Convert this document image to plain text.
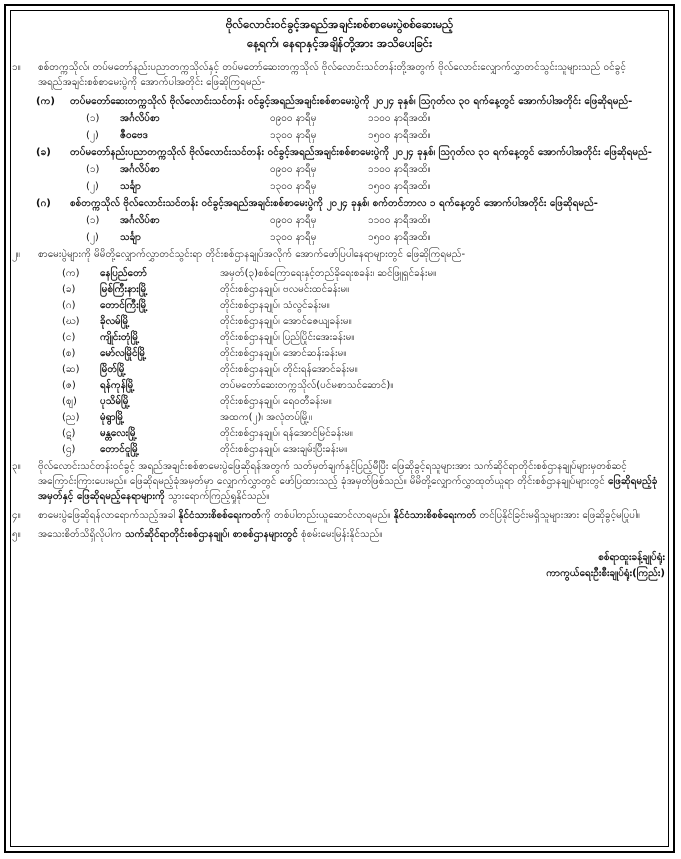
ဗိုလ်လောင်းဝင်ခွင့်အရည်အချင်းစစ်စာမေးပွဲစစ်ဆေးမည့်
နေ့ရက်၊ နေရာနှင့်အချိန်တို့အား အသိပေးခြင်း
၁။	စစ်တက္ကသိုလ်၊ တပ်မတော်နည်းပညာတက္ကသိုလ်နှင့် တပ်မတော်ဆေးတက္ကသိုလ် ဗိုလ်လောင်းသင်တန်းတို့အတွက် ဗိုလ်လောင်းလျှောက်လွှာတင်သွင်းသူများသည် ဝင်ခွင့်အရည်အချင်းစစ်စာမေးပွဲကို အောက်ပါအတိုင်း ဖြေဆိုကြရမည်-
(က) တပ်မတော်ဆေးတက္ကသိုလ် ဗိုလ်လောင်းသင်တန်း ဝင်ခွင့်အရည်အချင်းစစ်စာမေးပွဲကို ၂၀၂၄ ခုနှစ်၊ ဩဂုတ်လ ၃၀ ရက်နေ့တွင် အောက်ပါအတိုင်း ဖြေဆိုရမည်-
(၁) အင်္ဂလိပ်စာ	၀၉၀၀ နာရီမှ	၁၁၀၀ နာရီအထိ။
(၂) ဇီဝဗေဒ	၁၃၀၀ နာရီမှ	၁၅၀၀ နာရီအထိ။
(ခ) တပ်မတော်နည်းပညာတက္ကသိုလ် ဗိုလ်လောင်းသင်တန်း ဝင်ခွင့်အရည်အချင်းစစ်စာမေးပွဲကို ၂၀၂၄ ခုနှစ်၊ ဩဂုတ်လ ၃၁ ရက်နေ့တွင် အောက်ပါအတိုင်း ဖြေဆိုရမည်-
(၁) အင်္ဂလိပ်စာ	၀၉၀၀ နာရီမှ	၁၁၀၀ နာရီအထိ။
(၂) သင်္ချာ	၁၃၀၀ နာရီမှ	၁၅၀၀ နာရီအထိ။
(ဂ) စစ်တက္ကသိုလ် ဗိုလ်လောင်းသင်တန်း ဝင်ခွင့်အရည်အချင်းစစ်စာမေးပွဲကို ၂၀၂၄ ခုနှစ်၊ စက်တင်ဘာလ ၁ ရက်နေ့တွင် အောက်ပါအတိုင်း ဖြေဆိုရမည်-
(၁) အင်္ဂလိပ်စာ	၀၉၀၀ နာရီမှ	၁၁၀၀ နာရီအထိ။
(၂) သင်္ချာ	၁၃၀၀ နာရီမှ	၁၅၀၀ နာရီအထိ။
၂။	စာမေးပွဲများကို မိမိတို့လျှောက်လွှာတင်သွင်းရာ တိုင်းစစ်ဌာနချုပ်အလိုက် အောက်ဖော်ပြပါနေရာများတွင် ဖြေဆိုကြရမည်-
(က) နေပြည်တော်	အမှတ်(၃)စစ်ကြောရေးနှင့်တည်ခိုရေးစခန်း၊ ဆင်ဖြူရှင်ခန်းမ။
(ခ) မြစ်ကြီးနားမြို့	တိုင်းစစ်ဌာနချုပ်၊ ဗလမင်းထင်ခန်းမ။
(ဂ) တောင်ကြီးမြို့	တိုင်းစစ်ဌာနချုပ်၊ သံလွင်ခန်းမ။
(ဃ) ခိုလမ်မြို့	တိုင်းစစ်ဌာနချုပ်၊ အောင်ဇေယျခန်းမ။
(င) ကျိုင်းတုံမြို့	တိုင်းစစ်ဌာနချုပ်၊ ပြည်ပြိုင်းအေးခန်းမ။
(စ) မော်လမြိုင်မြို့	တိုင်းစစ်ဌာနချုပ်၊ အောင်ဆန်းခန်းမ။
(ဆ) မြိတ်မြို့	တိုင်းစစ်ဌာနချုပ်၊ တိုင်းရန်အောင်ခန်းမ။
(ဇ) ရန်ကုန်မြို့	တပ်မတော်ဆေးတက္ကသိုလ်(ပင်မစာသင်ဆောင်)။
(ဈ) ပုသိမ်မြို့	တိုင်းစစ်ဌာနချုပ်၊ ရေဝတီခန်းမ။
(ည) မုံရွာမြို့	အထက(၂)၊ အလုံတပ်မြို့။
(ဋ) မန္တလေးမြို့	တိုင်းစစ်ဌာနချုပ်၊ ရန်အောင်မြင်ခန်းမ။
(ဌ) တောင်ငူမြို့	တိုင်းစစ်ဌာနချုပ်၊ အေးချမ်းပြီးခန်းမ။
၃။	ဗိုလ်လောင်းသင်တန်းဝင်ခွင့် အရည်အချင်းစစ်စာမေးပွဲဖြေဆိုရန်အတွက် သတ်မှတ်ချက်နှင့်ပြည့်မီပြီး ဖြေဆိုခွင့်ရသူများအား သက်ဆိုင်ရာတိုင်းစစ်ဌာနချုပ်များမှတစ်ဆင့် အကြောင်းကြားပေးမည်။ ဖြေဆိုရမည့်ခုံအမှတ်မှာ လျှောက်လွှာတွင် ဖော်ပြထားသည့် ခုံအမှတ်ဖြစ်သည်။ မိမိတို့လျှောက်လွှာထုတ်ယူရာ တိုင်းစစ်ဌာနချုပ်များတွင် ဖြေဆိုရမည့်ခုံအမှတ်နှင့် ဖြေဆိုရမည့်နေရာများကို သွားရောက်ကြည့်ရှုနိုင်သည်။
၄။	စာမေးပွဲဖြေဆိုရန်လာရောက်သည့်အခါ နိုင်ငံသားစိစစ်ရေးကတ်ကို တစ်ပါတည်းယူဆောင်လာရမည်။ နိုင်ငံသားစိစစ်ရေးကတ် တင်ပြနိုင်ခြင်းမရှိသူများအား ဖြေဆိုခွင့်မပြုပါ။
၅။	အသေးစိတ်သိရှိလိုပါက သက်ဆိုင်ရာတိုင်းစစ်ဌာနချုပ်၊ စာစစ်ဌာနများတွင် စုံစမ်းမေးမြန်းနိုင်သည်။
စစ်ရာထူးခန့်ချုပ်ရုံး
ကာကွယ်ရေးဦးစီးချုပ်ရုံး(ကြည်း)
